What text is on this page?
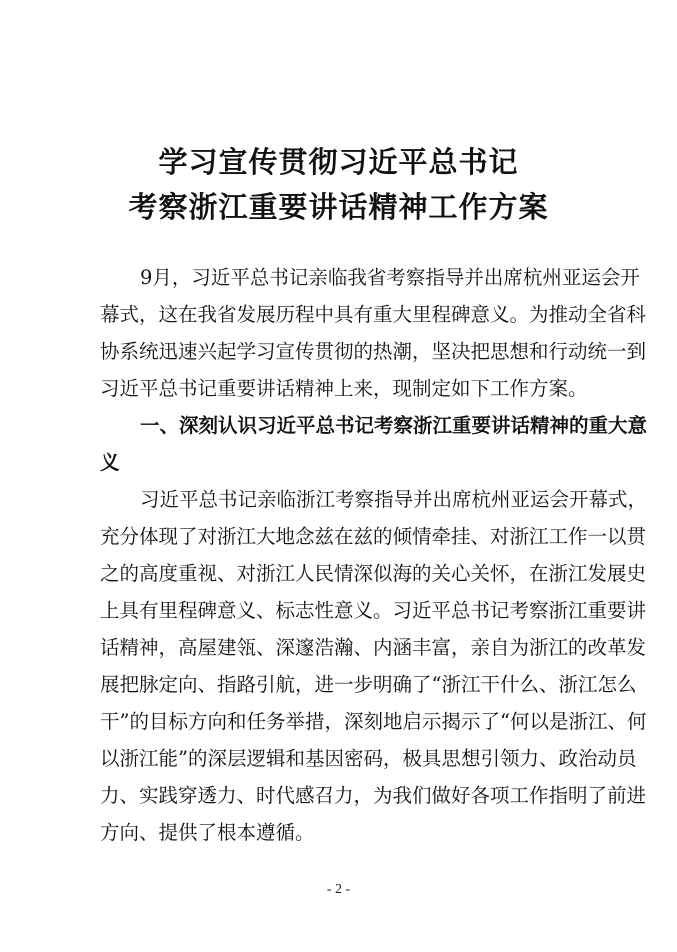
学习宣传贯彻习近平总书记
考察浙江重要讲话精神工作方案
9月，习近平总书记亲临我省考察指导并出席杭州亚运会开
幕式，这在我省发展历程中具有重大里程碑意义。为推动全省科
协系统迅速兴起学习宣传贯彻的热潮，坚决把思想和行动统一到
习近平总书记重要讲话精神上来，现制定如下工作方案。
一、深刻认识习近平总书记考察浙江重要讲话精神的重大意
义
习近平总书记亲临浙江考察指导并出席杭州亚运会开幕式，
充分体现了对浙江大地念兹在兹的倾情牵挂、对浙江工作一以贯
之的高度重视、对浙江人民情深似海的关心关怀，在浙江发展史
上具有里程碑意义、标志性意义。习近平总书记考察浙江重要讲
话精神，高屋建瓴、深邃浩瀚、内涵丰富，亲自为浙江的改革发
展把脉定向、指路引航，进一步明确了“浙江干什么、浙江怎么
干”的目标方向和任务举措，深刻地启示揭示了“何以是浙江、何
以浙江能”的深层逻辑和基因密码，极具思想引领力、政治动员
力、实践穿透力、时代感召力，为我们做好各项工作指明了前进
方向、提供了根本遵循。
- 2 -
